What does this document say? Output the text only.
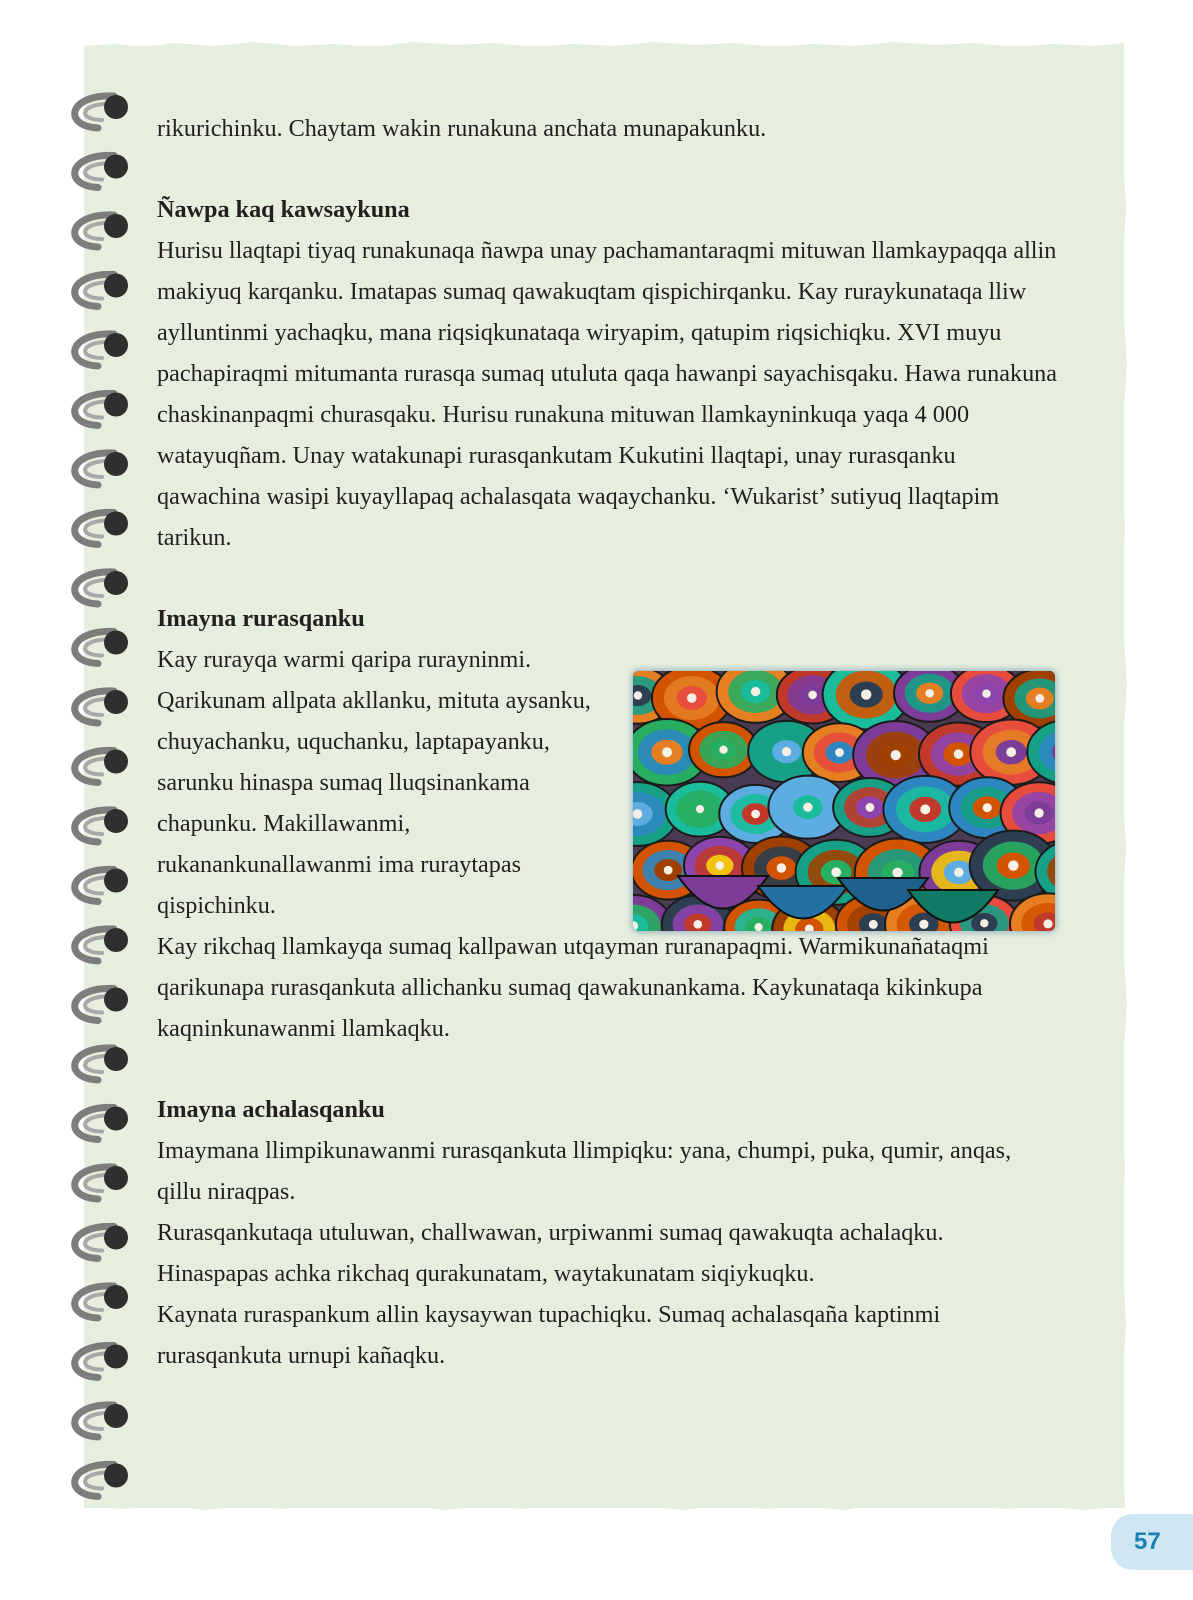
rikurichinku. Chaytam wakin runakuna anchata munapakunku.

Ñawpa kaq kawsaykuna

Hurisu llaqtapi tiyaq runakunaqa ñawpa unay pachamantaraqmi mituwan llamkaypaqqa allin makiyuq karqanku. Imatapas sumaq qawakuqtam qispichirqanku. Kay ruraykunataqa lliw aylluntinmi yachaqku, mana riqsiqkunataqa wiryapim, qatupim riqsichiqku. XVI muyu pachapiraqmi mitumanta rurasqa sumaq utuluta qaqa hawanpi sayachisqaku. Hawa runakuna chaskinanpaqmi churasqaku. Hurisu runakuna mituwan llamkayninkuqa yaqa 4 000 watayuqñam. Unay watakunapi rurasqankutam Kukutini llaqtapi, unay rurasqanku qawachina wasipi kuyayllapaq achalasqata waqaychanku. ‘Wukarist’ sutiyuq llaqtapim tarikun.

Imayna rurasqanku

Kay rurayqa warmi qaripa rurayninmi. Qarikunam allpata akllanku, mituta aysanku, chuyachanku, uquchanku, laptapayanku, sarunku hinaspa sumaq lluqsinankama chapunku. Makillawanmi, rukanankunallawanmi ima ruraytapas qispichinku.

Kay rikchaq llamkayqa sumaq kallpawan utqayman ruranapaqmi. Warmikunañataqmi qarikunapa rurasqankuta allichanku sumaq qawakunankama. Kaykunataqa kikinkupa kaqninkunawanmi llamkaqku.

Imayna achalasqanku

Imaymana llimpikunawanmi rurasqankuta llimpiqku: yana, chumpi, puka, qumir, anqas, qillu niraqpas.

Rurasqankutaqa utuluwan, challwawan, urpiwanmi sumaq qawakuqta achalaqku. Hinaspapas achka rikchaq qurakunatam, waytakunatam siqiykuqku.

Kaynata ruraspankum allin kaysaywan tupachiqku. Sumaq achalasqaña kaptinmi rurasqankuta urnupi kañaqku.

57
